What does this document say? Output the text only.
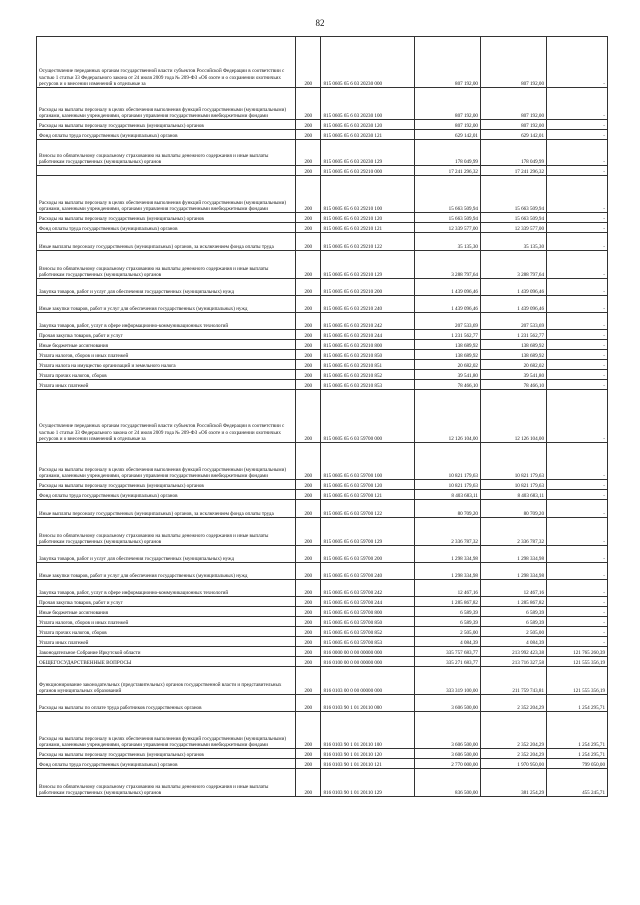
82
Осуществление переданных органам государственной власти субъектов Российской Федерации в соответствии с частью 1 статьи 33 Федерального закона от 24 июля 2009 года № 209-ФЗ «Об охоте и о сохранении охотничьих ресурсов и о внесении изменений в отдельные за	200	815 0605 65 6 03 20230 000	807 192,00	807 192,00	-
Расходы на выплаты персоналу в целях обеспечения выполнения функций государственными (муниципальными) органами, казенными учреждениями, органами управления государственными внебюджетными фондами	200	815 0605 65 6 03 20230 100	807 192,00	807 192,00	-
Расходы на выплаты персоналу государственных (муниципальных) органов	200	815 0605 65 6 03 20230 120	807 192,00	807 192,00	-
Фонд оплаты труда государственных (муниципальных) органов	200	815 0605 65 6 03 20230 121	629 142,01	629 142,01	-
Взносы по обязательному социальному страхованию на выплаты денежного содержания и иные выплаты работникам государственных (муниципальных) органов	200	815 0605 65 6 03 20230 129	178 049,99	178 049,99	-
	200	815 0605 65 6 03 29210 000	17 241 296,32	17 241 296,32	-
Расходы на выплаты персоналу в целях обеспечения выполнения функций государственными (муниципальными) органами, казенными учреждениями, органами управления государственными внебюджетными фондами	200	815 0605 65 6 03 29210 100	15 663 509,94	15 663 509,94	-
Расходы на выплаты персоналу государственных (муниципальных) органов	200	815 0605 65 6 03 29210 120	15 663 509,94	15 663 509,94	-
Фонд оплаты труда государственных (муниципальных) органов	200	815 0605 65 6 03 29210 121	12 339 577,00	12 339 577,00	-
Иные выплаты персоналу государственных (муниципальных) органов, за исключением фонда оплаты труда	200	815 0605 65 6 03 29210 122	35 135,30	35 135,30	-
Взносы по обязательному социальному страхованию на выплаты денежного содержания и иные выплаты работникам государственных (муниципальных) органов	200	815 0605 65 6 03 29210 129	3 288 797,64	3 288 797,64	-
Закупка товаров, работ и услуг для обеспечения государственных (муниципальных) нужд	200	815 0605 65 6 03 29210 200	1 439 096,46	1 439 096,46	-
Иные закупки товаров, работ и услуг для обеспечения государственных (муниципальных) нужд	200	815 0605 65 6 03 29210 240	1 439 096,46	1 439 096,46	-
Закупка товаров, работ, услуг в сфере информационно-коммуникационных технологий	200	815 0605 65 6 03 29210 242	207 533,69	207 533,69	-
Прочая закупка товаров, работ и услуг	200	815 0605 65 6 03 29210 244	1 231 562,77	1 231 562,77	-
Иные бюджетные ассигнования	200	815 0605 65 6 03 29210 800	138 689,92	138 689,92	-
Уплата налогов, сборов и иных платежей	200	815 0605 65 6 03 29210 850	138 689,92	138 689,92	-
Уплата налога на имущество организаций и земельного налога	200	815 0605 65 6 03 29210 851	20 682,02	20 682,02	-
Уплата прочих налогов, сборов	200	815 0605 65 6 03 29210 852	39 541,80	39 541,80	-
Уплата иных платежей	200	815 0605 65 6 03 29210 853	78 466,10	78 466,10	-
Осуществление переданных органам государственной власти субъектов Российской Федерации в соответствии с частью 1 статьи 33 Федерального закона от 24 июля 2009 года № 209-ФЗ «Об охоте и о сохранении охотничьих ресурсов и о внесении изменений в отдельные за	200	815 0605 65 6 03 59700 000	12 126 104,00	12 126 104,00	-
Расходы на выплаты персоналу в целях обеспечения выполнения функций государственными (муниципальными) органами, казенными учреждениями, органами управления государственными внебюджетными фондами	200	815 0605 65 6 03 59700 100	10 821 179,63	10 821 179,63	-
Расходы на выплаты персоналу государственных (муниципальных) органов	200	815 0605 65 6 03 59700 120	10 821 179,63	10 821 179,63	-
Фонд оплаты труда государственных (муниципальных) органов	200	815 0605 65 6 03 59700 121	8 403 683,11	8 403 683,11	-
Иные выплаты персоналу государственных (муниципальных) органов, за исключением фонда оплаты труда	200	815 0605 65 6 03 59700 122	80 709,20	80 709,20	-
Взносы по обязательному социальному страхованию на выплаты денежного содержания и иные выплаты работникам государственных (муниципальных) органов	200	815 0605 65 6 03 59700 129	2 336 787,32	2 336 787,32	-
Закупка товаров, работ и услуг для обеспечения государственных (муниципальных) нужд	200	815 0605 65 6 03 59700 200	1 298 334,98	1 298 334,98	-
Иные закупки товаров, работ и услуг для обеспечения государственных (муниципальных) нужд	200	815 0605 65 6 03 59700 240	1 298 334,98	1 298 334,98	-
Закупка товаров, работ, услуг в сфере информационно-коммуникационных технологий	200	815 0605 65 6 03 59700 242	12 467,16	12 467,16	-
Прочая закупка товаров, работ и услуг	200	815 0605 65 6 03 59700 244	1 285 867,82	1 285 867,82	-
Иные бюджетные ассигнования	200	815 0605 65 6 03 59700 800	6 589,39	6 589,39	-
Уплата налогов, сборов и иных платежей	200	815 0605 65 6 03 59700 850	6 589,39	6 589,39	-
Уплата прочих налогов, сборов	200	815 0605 65 6 03 59700 852	2 505,00	2 505,00	-
Уплата иных платежей	200	815 0605 65 6 03 59700 853	4 084,39	4 084,39	-
Законодательное Собрание Иркутской области	200	816 0000 00 0 00 00000 000	335 757 683,77	213 992 423,38	121 765 260,39
ОБЩЕГОСУДАРСТВЕННЫЕ ВОПРОСЫ	200	816 0100 00 0 00 00000 000	335 271 683,77	213 716 327,58	121 555 356,19
Функционирование законодательных (представительных) органов государственной власти и представительных органов муниципальных образований	200	816 0103 00 0 00 00000 000	333 319 100,00	211 759 743,81	121 555 356,19
Расходы на выплаты по оплате труда работников государственных органов	200	816 0103 90 1 01 20110 000	3 606 500,00	2 352 204,29	1 254 295,71
Расходы на выплаты персоналу в целях обеспечения выполнения функций государственными (муниципальными) органами, казенными учреждениями, органами управления государственными внебюджетными фондами	200	816 0103 90 1 01 20110 100	3 606 500,00	2 352 204,29	1 254 295,71
Расходы на выплаты персоналу государственных (муниципальных) органов	200	816 0103 90 1 01 20110 120	3 606 500,00	2 352 204,29	1 254 295,71
Фонд оплаты труда государственных (муниципальных) органов	200	816 0103 90 1 01 20110 121	2 770 000,00	1 970 950,00	799 050,00
Взносы по обязательному социальному страхованию на выплаты денежного содержания и иные выплаты работникам государственных (муниципальных) органов	200	816 0103 90 1 01 20110 129	836 500,00	381 254,29	455 245,71
